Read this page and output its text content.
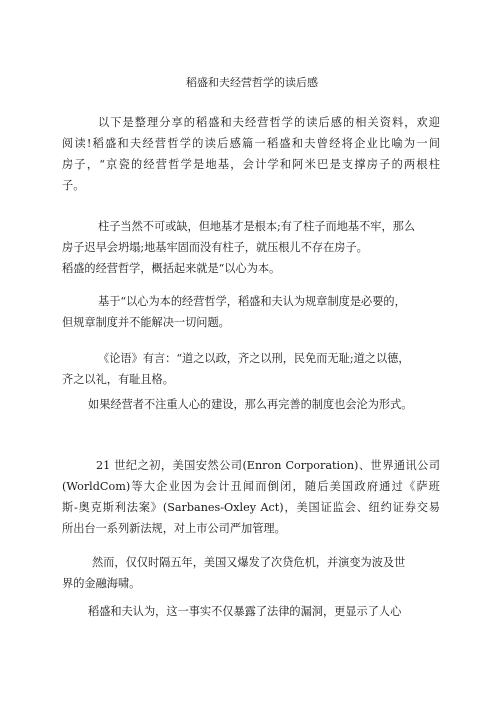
稻盛和夫经营哲学的读后感
以下是整理分享的稻盛和夫经营哲学的读后感的相关资料，欢迎
阅读!稻盛和夫经营哲学的读后感篇一稻盛和夫曾经将企业比喻为一间
房子，“京瓷的经营哲学是地基，会计学和阿米巴是支撑房子的两根柱
子。
柱子当然不可或缺，但地基才是根本;有了柱子而地基不牢，那么
房子迟早会坍塌;地基牢固而没有柱子，就压根儿不存在房子。
稻盛的经营哲学，概括起来就是“以心为本。
基于“以心为本的经营哲学，稻盛和夫认为规章制度是必要的，
但规章制度并不能解决一切问题。
《论语》有言：“道之以政，齐之以刑，民免而无耻;道之以德，
齐之以礼，有耻且格。
如果经营者不注重人心的建设，那么再完善的制度也会沦为形式。
21 世纪之初，美国安然公司(Enron Corporation)、世界通讯公司
(WorldCom)等大企业因为会计丑闻而倒闭，随后美国政府通过《萨班
斯-奥克斯利法案》(Sarbanes-Oxley Act)，美国证监会、纽约证券交易
所出台一系列新法规，对上市公司严加管理。
然而，仅仅时隔五年，美国又爆发了次贷危机，并演变为波及世
界的金融海啸。
稻盛和夫认为，这一事实不仅暴露了法律的漏洞，更显示了人心
